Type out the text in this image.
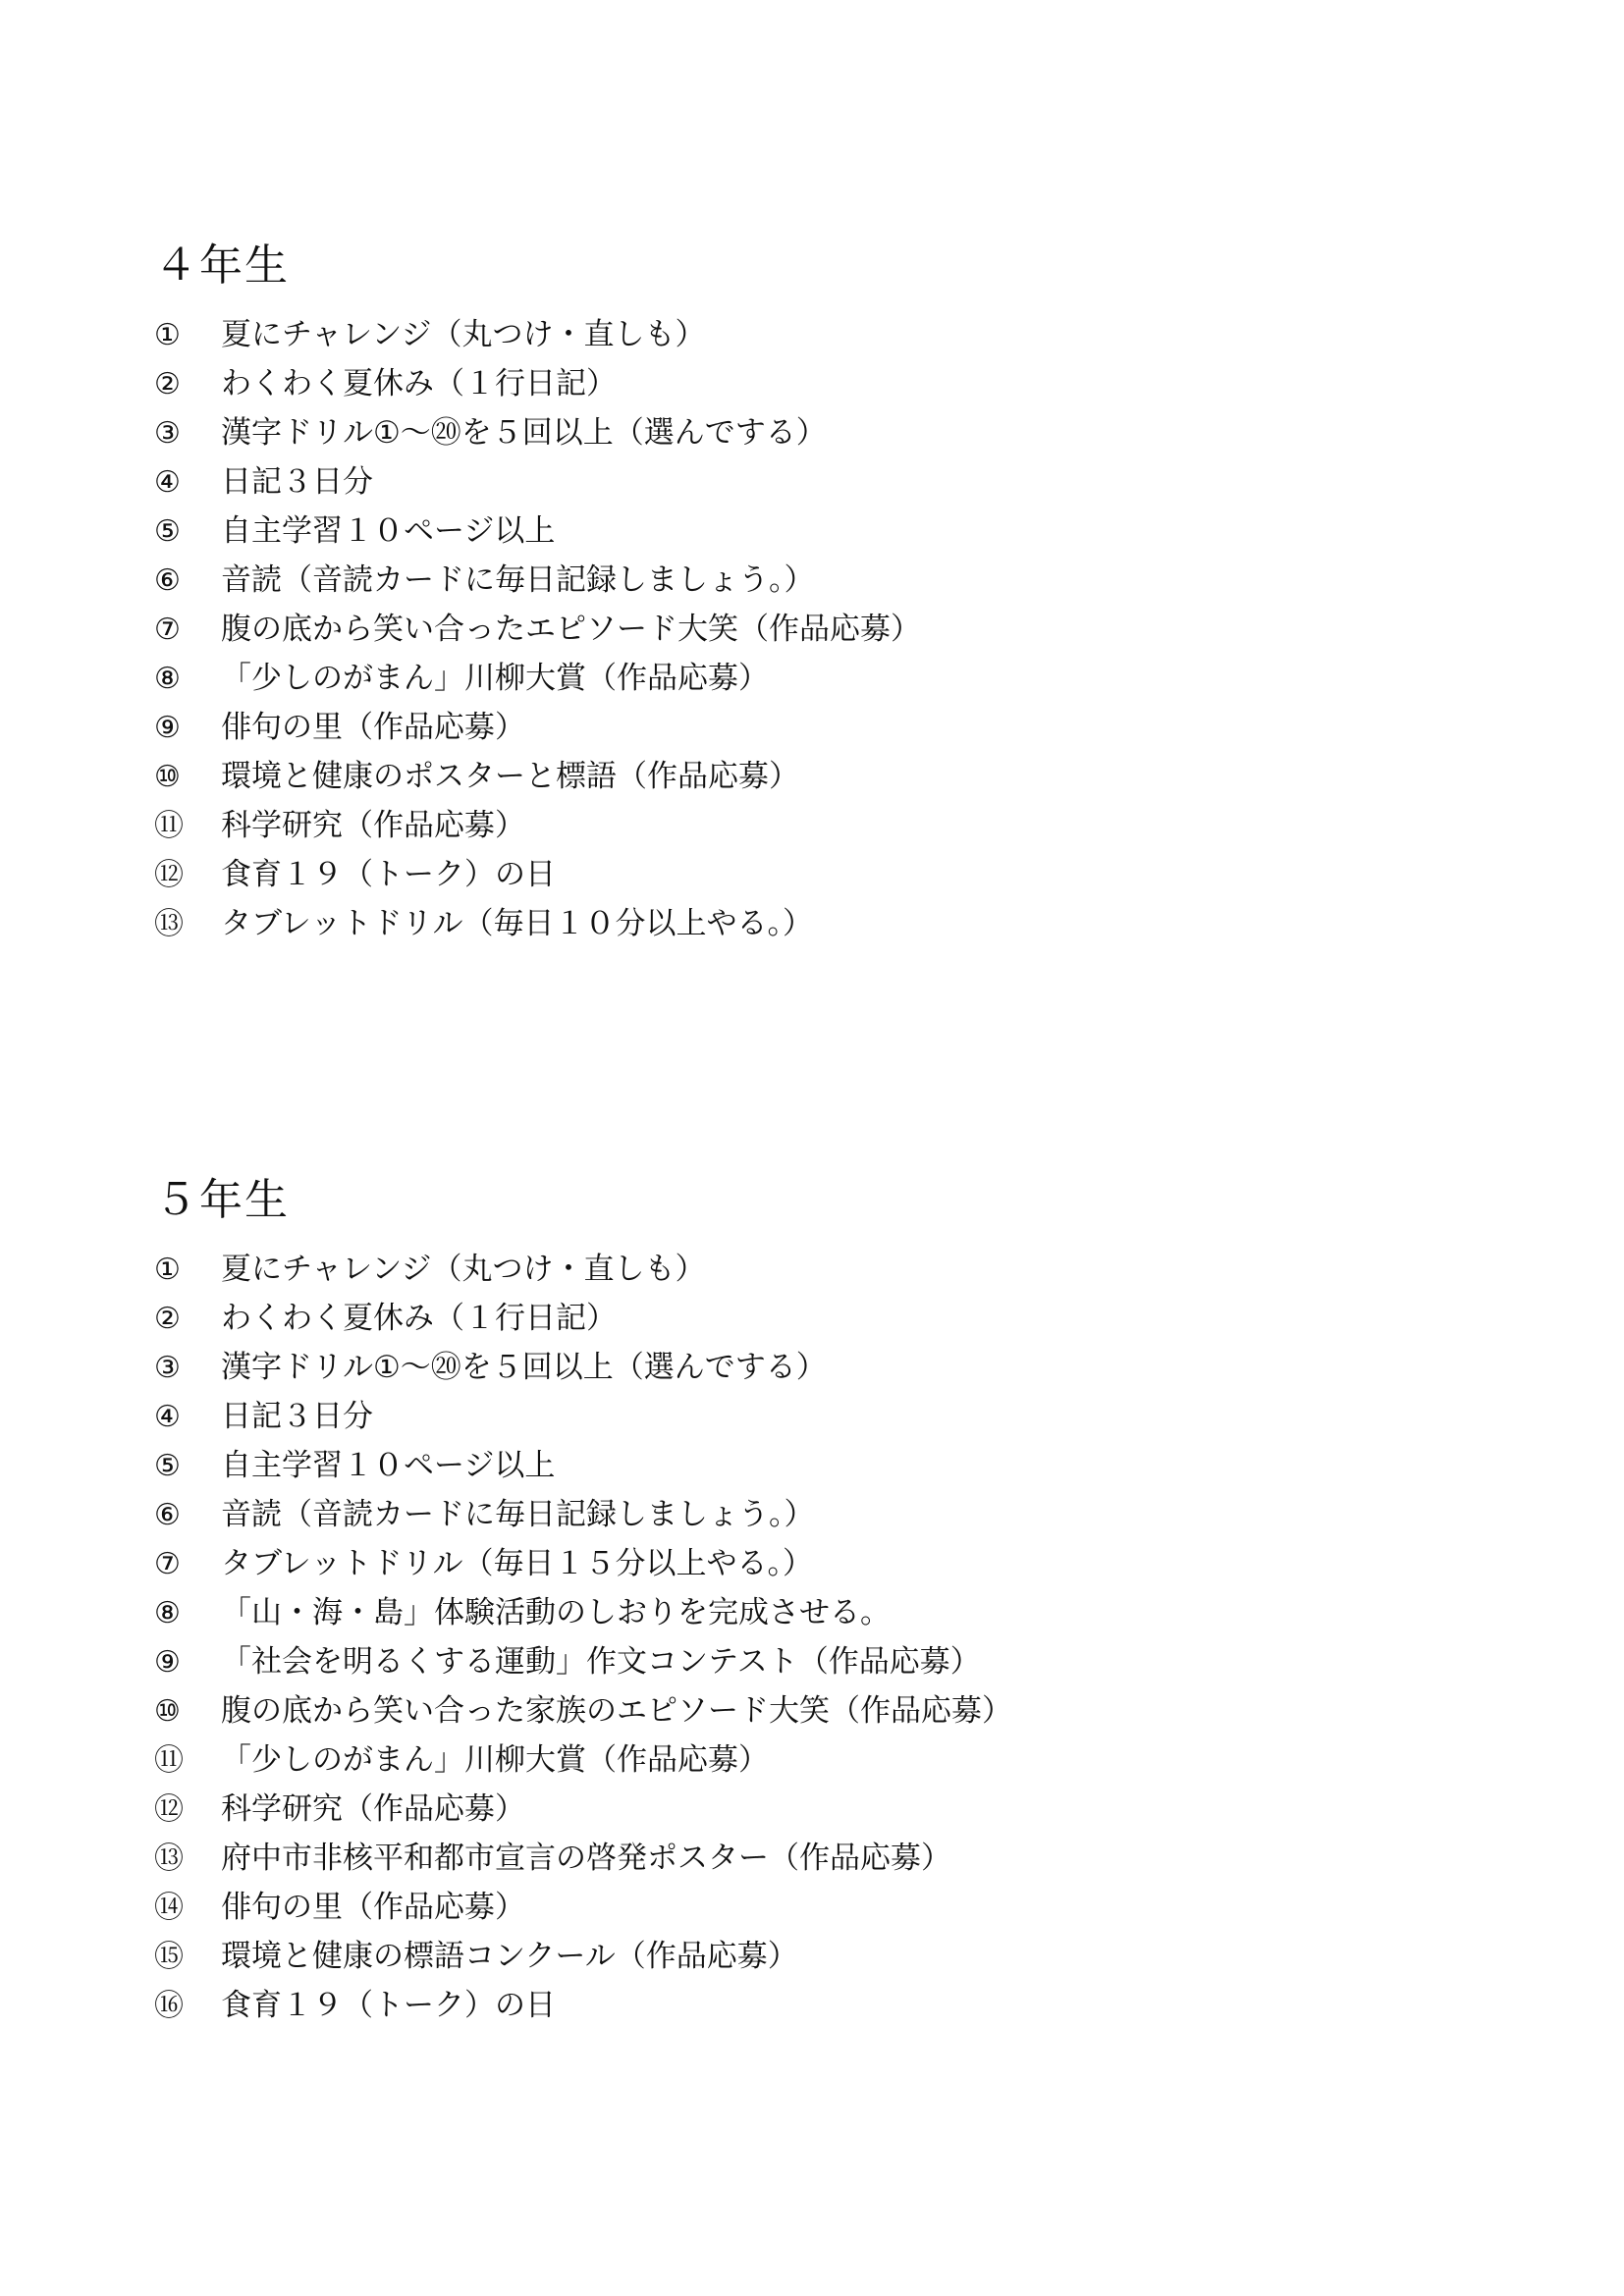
４年生
① 夏にチャレンジ（丸つけ・直しも）
② わくわく夏休み（１行日記）
③ 漢字ドリル①～⑳を５回以上（選んでする）
④ 日記３日分
⑤ 自主学習１０ページ以上
⑥ 音読（音読カードに毎日記録しましょう。）
⑦ 腹の底から笑い合ったエピソード大笑（作品応募）
⑧ 「少しのがまん」川柳大賞（作品応募）
⑨ 俳句の里（作品応募）
⑩ 環境と健康のポスターと標語（作品応募）
⑪ 科学研究（作品応募）
⑫ 食育１９（トーク）の日
⑬ タブレットドリル（毎日１０分以上やる。）
５年生
① 夏にチャレンジ（丸つけ・直しも）
② わくわく夏休み（１行日記）
③ 漢字ドリル①～⑳を５回以上（選んでする）
④ 日記３日分
⑤ 自主学習１０ページ以上
⑥ 音読（音読カードに毎日記録しましょう。）
⑦ タブレットドリル（毎日１５分以上やる。）
⑧ 「山・海・島」体験活動のしおりを完成させる。
⑨ 「社会を明るくする運動」作文コンテスト（作品応募）
⑩ 腹の底から笑い合った家族のエピソード大笑（作品応募）
⑪ 「少しのがまん」川柳大賞（作品応募）
⑫ 科学研究（作品応募）
⑬ 府中市非核平和都市宣言の啓発ポスター（作品応募）
⑭ 俳句の里（作品応募）
⑮ 環境と健康の標語コンクール（作品応募）
⑯ 食育１９（トーク）の日
